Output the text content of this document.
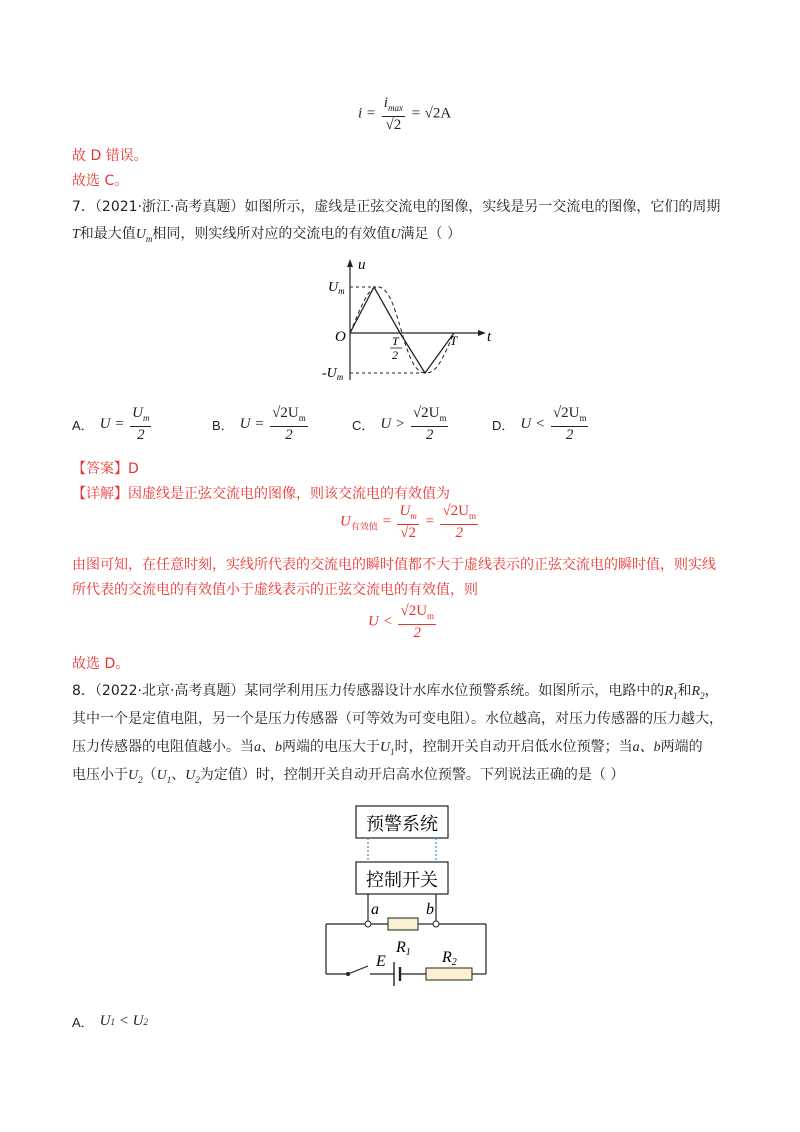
$i = \frac{i_{max}}{√2} = √2A$
故 D 错误。
故选 C。
7．（2021·浙江·高考真题）如图所示，虚线是正弦交流电的图像，实线是另一交流电的图像，它们的周期
T和最大值$U_m$相同，则实线所对应的交流电的有效值U满足（ ）
u
t
O
$U_m$
$-U_m$
T
2
T
A． U
=
$\frac{U_m}{2}$	B． U
=
$\frac{√2U_m}{2}$	C． U
>
$\frac{√2U_m}{2}$	D． U
<
$\frac{√2U_m}{2}$
【答案】D
【详解】因虚线是正弦交流电的图像，则该交流电的有效值为
$U_{有效值} = \frac{U_m}{√2} = \frac{√2U_m}{2}$
由图可知，在任意时刻，实线所代表的交流电的瞬时值都不大于虚线表示的正弦交流电的瞬时值，则实线
所代表的交流电的有效值小于虚线表示的正弦交流电的有效值，则
$U < \frac{√2U_m}{2}$
故选 D。
8．（2022·北京·高考真题）某同学利用压力传感器设计水库水位预警系统。如图所示，电路中的$R_1$和$R_2$，
其中一个是定值电阻，另一个是压力传感器（可等效为可变电阻）。水位越高，对压力传感器的压力越大，
压力传感器的电阻值越小。当a、b两端的电压大于$U_1$时，控制开关自动开启低水位预警；当a、b两端的
电压小于$U_2(U_1$、$U_2$为定值）时，控制开关自动开启高水位预警。下列说法正确的是（ ）
预警系统
控制开关
a	b
R1
E	R2
A． U 1
<
U 2
